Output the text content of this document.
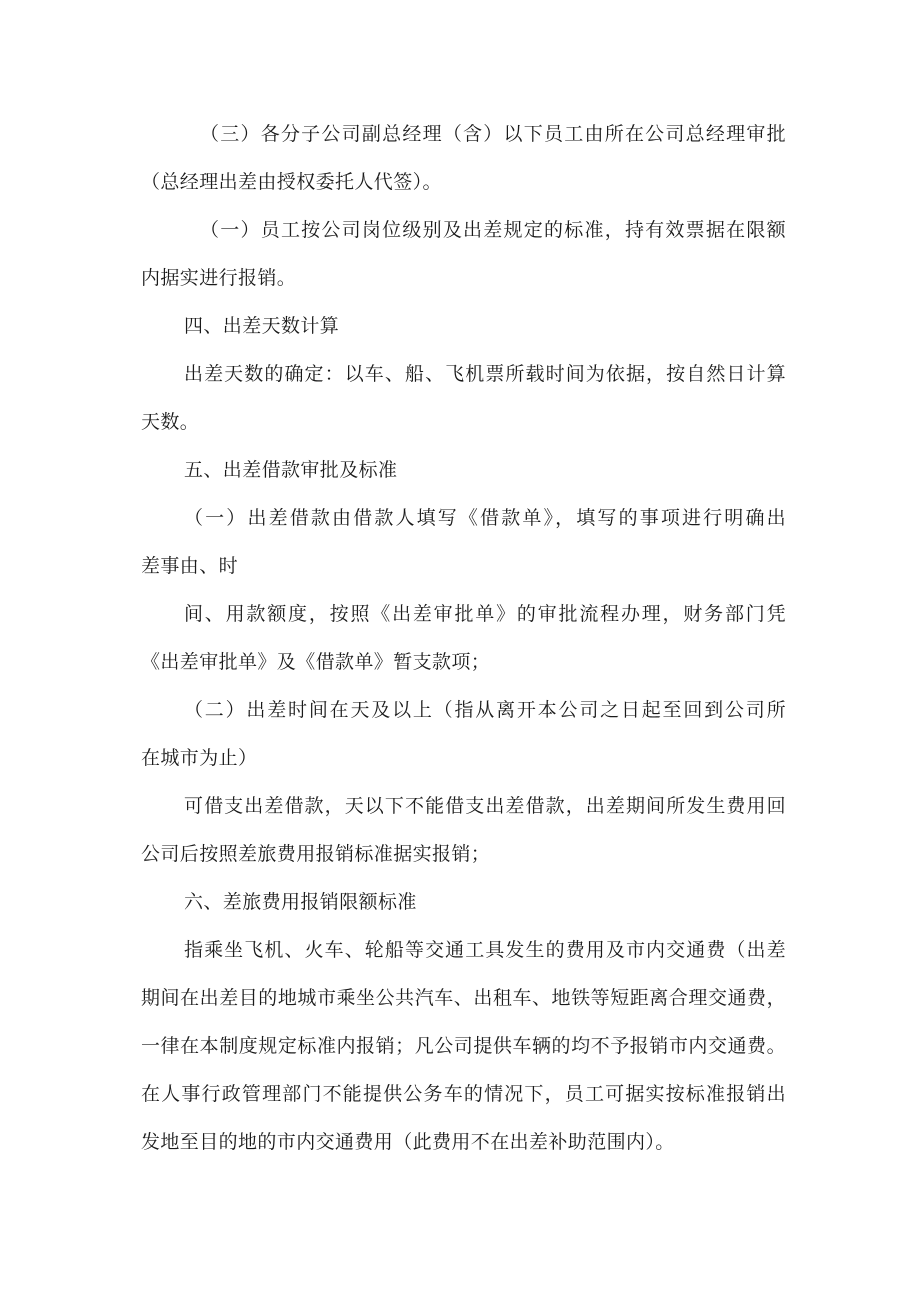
（三）各分子公司副总经理（含）以下员工由所在公司总经理审批
（总经理出差由授权委托人代签）。
（一）员工按公司岗位级别及出差规定的标准，持有效票据在限额
内据实进行报销。
四、出差天数计算
出差天数的确定：以车、船、飞机票所载时间为依据，按自然日计算
天数。
五、出差借款审批及标准
（一）出差借款由借款人填写《借款单》，填写的事项进行明确出
差事由、时
间、用款额度，按照《出差审批单》的审批流程办理，财务部门凭
《出差审批单》及《借款单》暂支款项；
（二）出差时间在天及以上（指从离开本公司之日起至回到公司所
在城市为止）
可借支出差借款，天以下不能借支出差借款，出差期间所发生费用回
公司后按照差旅费用报销标准据实报销；
六、差旅费用报销限额标准
指乘坐飞机、火车、轮船等交通工具发生的费用及市内交通费（出差
期间在出差目的地城市乘坐公共汽车、出租车、地铁等短距离合理交通费，
一律在本制度规定标准内报销；凡公司提供车辆的均不予报销市内交通费。
在人事行政管理部门不能提供公务车的情况下，员工可据实按标准报销出
发地至目的地的市内交通费用（此费用不在出差补助范围内）。
